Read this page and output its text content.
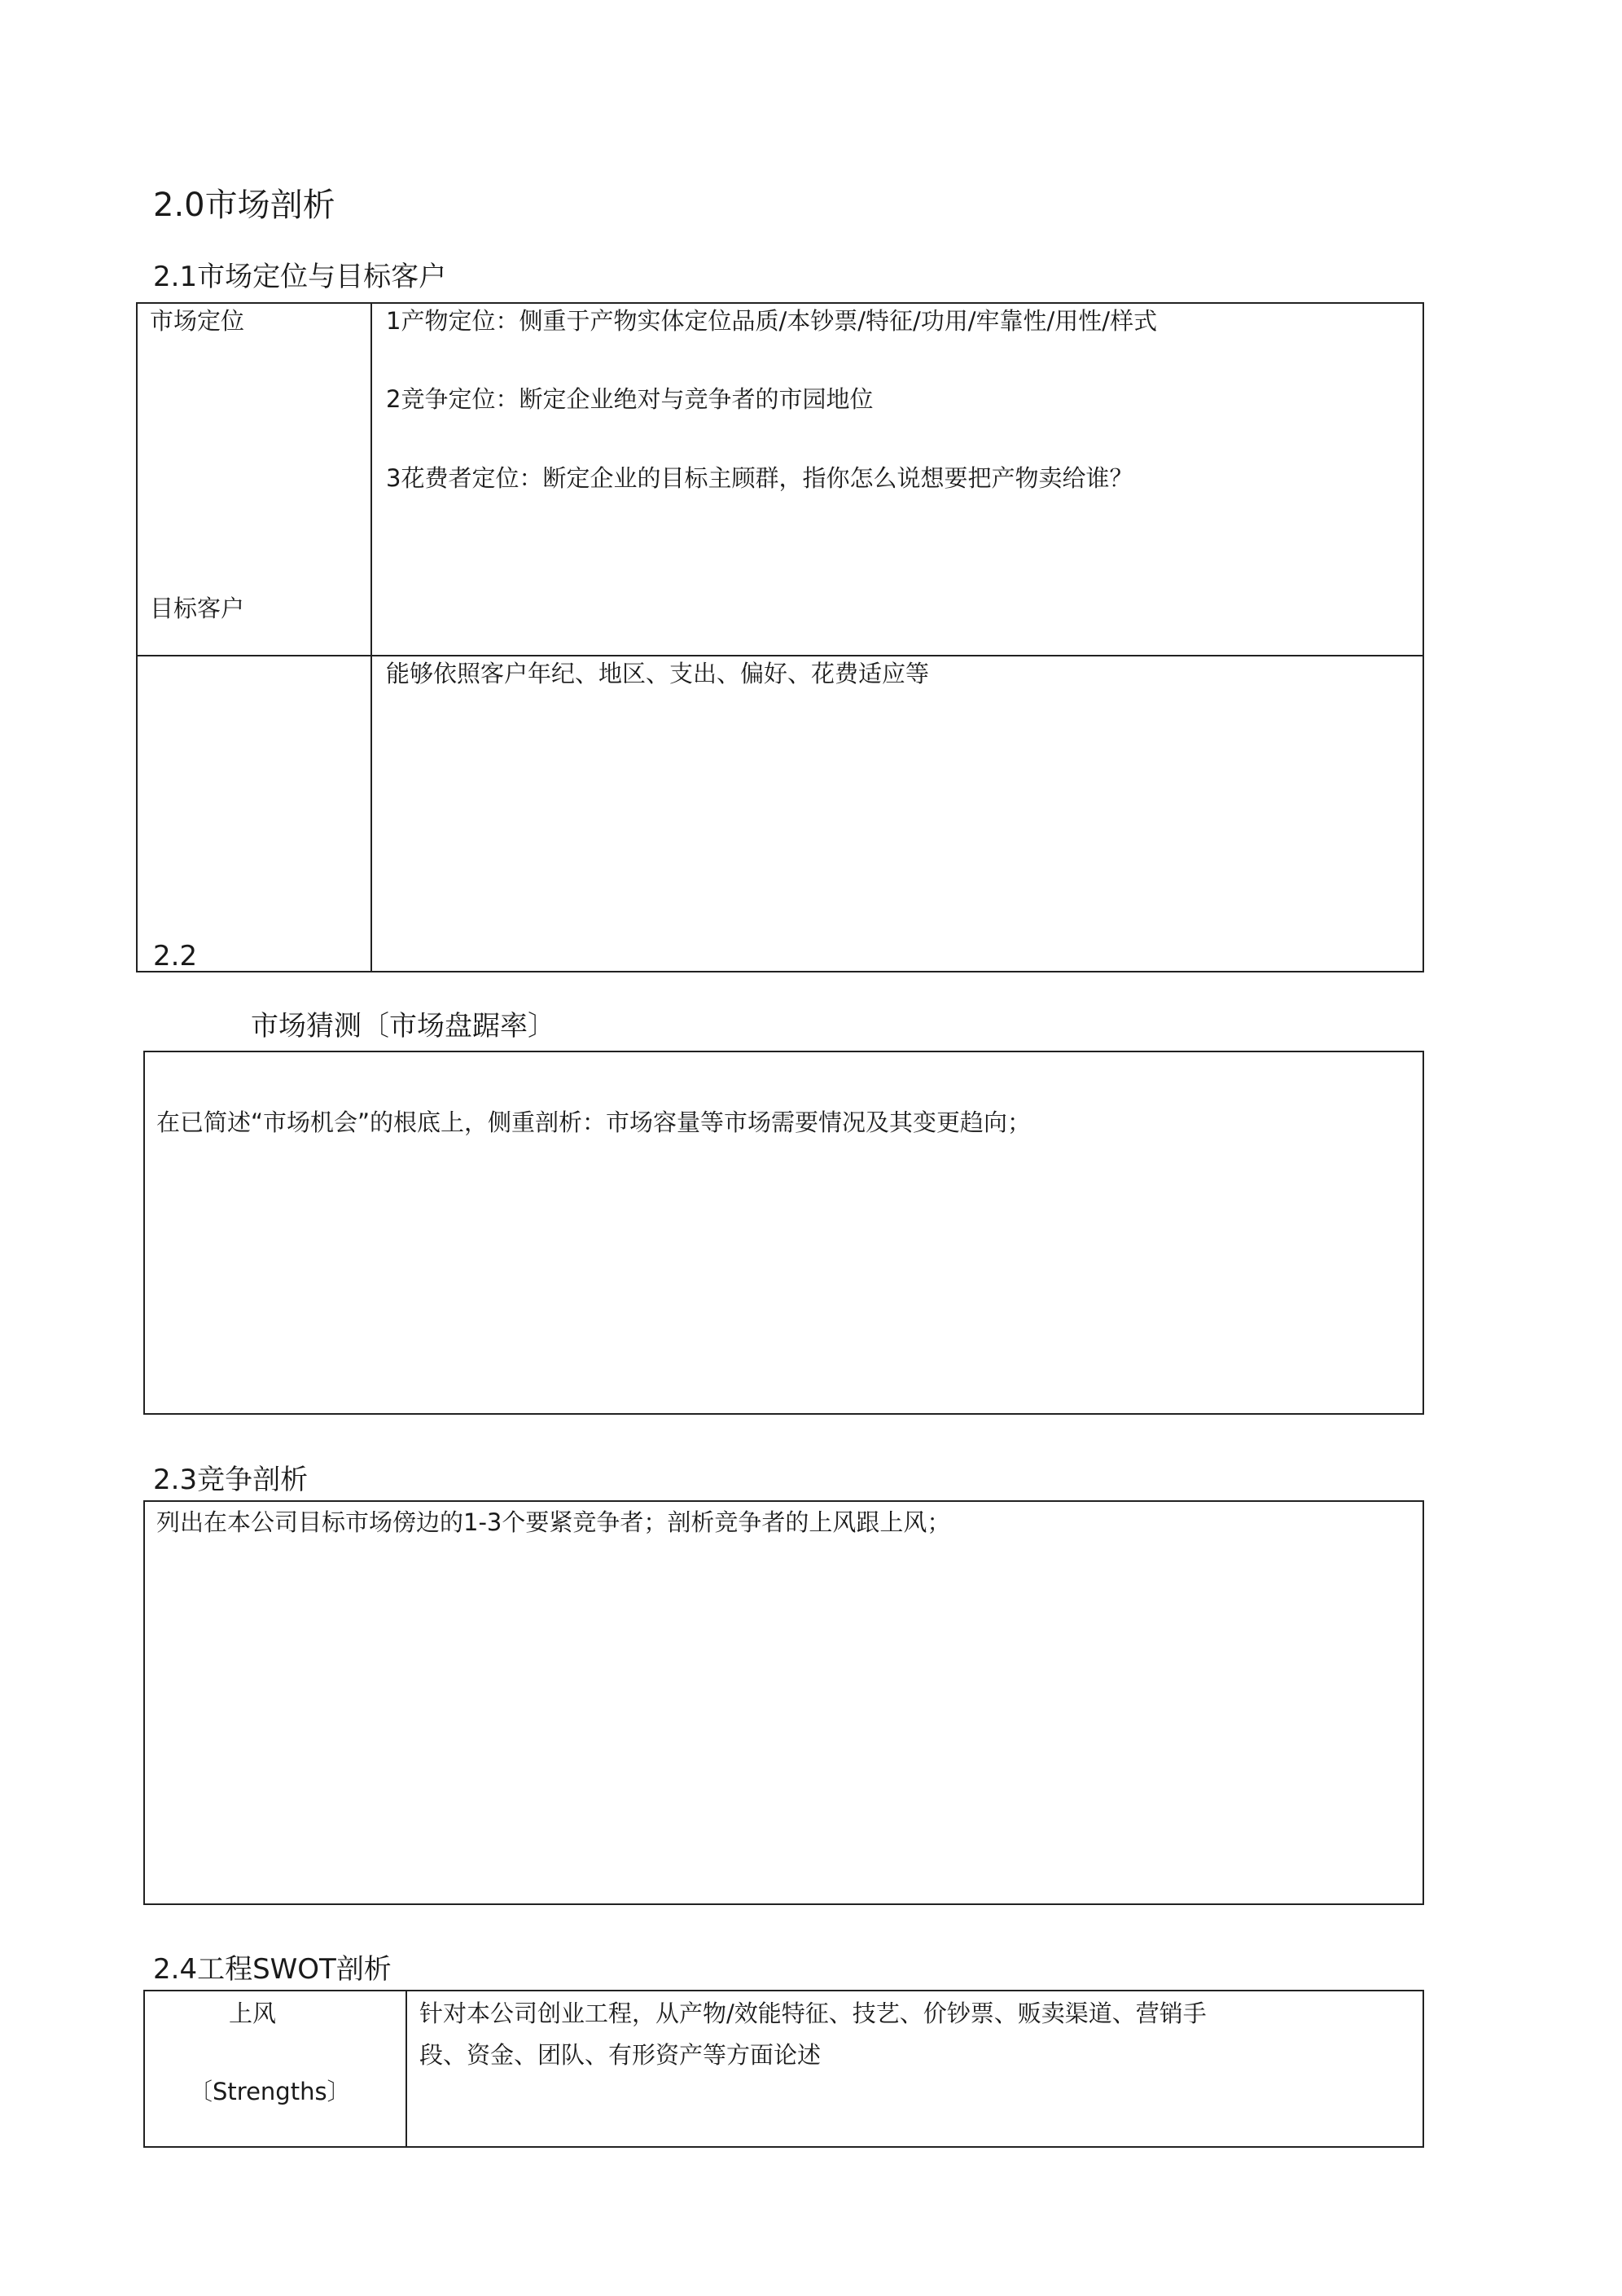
2.0市场剖析
2.1市场定位与目标客户
市场定位
目标客户
1产物定位：侧重于产物实体定位品质/本钞票/特征/功用/牢靠性/用性/样式
2竞争定位：断定企业绝对与竞争者的市园地位
3花费者定位：断定企业的目标主顾群，指你怎么说想要把产物卖给谁？
能够依照客户年纪、地区、支出、偏好、花费适应等
2.2
市场猜测〔市场盘踞率〕
在已简述“市场机会”的根底上，侧重剖析：市场容量等市场需要情况及其变更趋向；
2.3竞争剖析
列出在本公司目标市场傍边的1-3个要紧竞争者；剖析竞争者的上风跟上风；
2.4工程SWOT剖析
上风
〔Strengths〕
针对本公司创业工程，从产物/效能特征、技艺、价钞票、贩卖渠道、营销手
段、资金、团队、有形资产等方面论述
